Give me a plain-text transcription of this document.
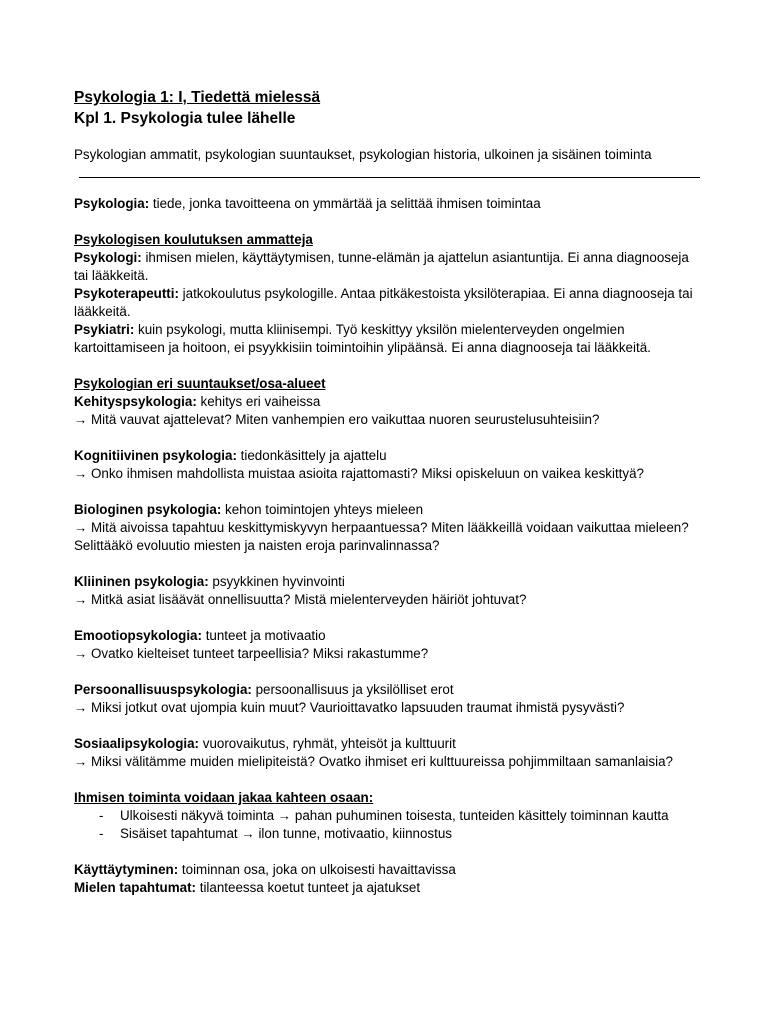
Psykologia 1: I, Tiedettä mielessä
Kpl 1. Psykologia tulee lähelle

Psykologian ammatit, psykologian suuntaukset, psykologian historia, ulkoinen ja sisäinen toiminta

Psykologia: tiede, jonka tavoitteena on ymmärtää ja selittää ihmisen toimintaa

Psykologisen koulutuksen ammatteja

Psykologi: ihmisen mielen, käyttäytymisen, tunne-elämän ja ajattelun asiantuntija. Ei anna diagnooseja tai lääkkeitä.

Psykoterapeutti: jatkokoulutus psykologille. Antaa pitkäkestoista yksilöterapiaa. Ei anna diagnooseja tai lääkkeitä.

Psykiatri: kuin psykologi, mutta kliinisempi. Työ keskittyy yksilön mielenterveyden ongelmien kartoittamiseen ja hoitoon, ei psyykkisiin toimintoihin ylipäänsä. Ei anna diagnooseja tai lääkkeitä.

Psykologian eri suuntaukset/osa-alueet

Kehityspsykologia: kehitys eri vaiheissa

→ Mitä vauvat ajattelevat? Miten vanhempien ero vaikuttaa nuoren seurustelusuhteisiin?

Kognitiivinen psykologia: tiedonkäsittely ja ajattelu

→ Onko ihmisen mahdollista muistaa asioita rajattomasti? Miksi opiskeluun on vaikea keskittyä?

Biologinen psykologia: kehon toimintojen yhteys mieleen

→ Mitä aivoissa tapahtuu keskittymiskyvyn herpaantuessa? Miten lääkkeillä voidaan vaikuttaa mieleen? Selittääkö evoluutio miesten ja naisten eroja parinvalinnassa?

Kliininen psykologia: psyykkinen hyvinvointi

→ Mitkä asiat lisäävät onnellisuutta? Mistä mielenterveyden häiriöt johtuvat?

Emootiopsykologia: tunteet ja motivaatio

→ Ovatko kielteiset tunteet tarpeellisia? Miksi rakastumme?

Persoonallisuuspsykologia: persoonallisuus ja yksilölliset erot

→ Miksi jotkut ovat ujompia kuin muut? Vaurioittavatko lapsuuden traumat ihmistä pysyvästi?

Sosiaalipsykologia: vuorovaikutus, ryhmät, yhteisöt ja kulttuurit

→ Miksi välitämme muiden mielipiteistä? Ovatko ihmiset eri kulttuureissa pohjimmiltaan samanlaisia?

Ihmisen toiminta voidaan jakaa kahteen osaan:

- Ulkoisesti näkyvä toiminta → pahan puhuminen toisesta, tunteiden käsittely toiminnan kautta
- Sisäiset tapahtumat → ilon tunne, motivaatio, kiinnostus

Käyttäytyminen: toiminnan osa, joka on ulkoisesti havaittavissa

Mielen tapahtumat: tilanteessa koetut tunteet ja ajatukset
